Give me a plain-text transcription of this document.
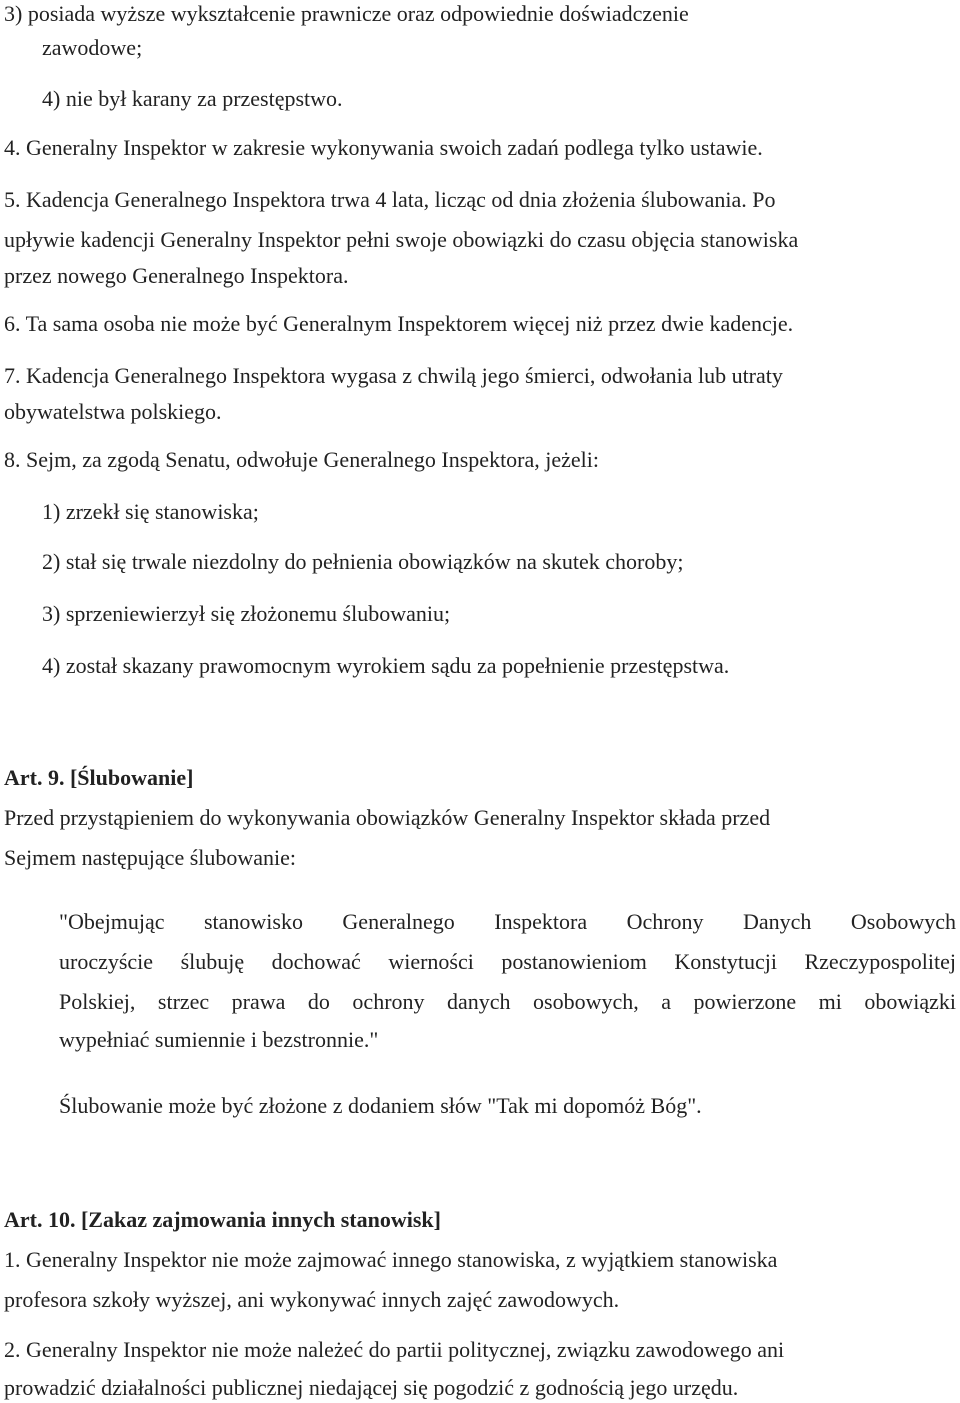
3) posiada wyższe wykształcenie prawnicze oraz odpowiednie doświadczenie

zawodowe;

4) nie był karany za przestępstwo.

4. Generalny Inspektor w zakresie wykonywania swoich zadań podlega tylko ustawie.

5. Kadencja Generalnego Inspektora trwa 4 lata, licząc od dnia złożenia ślubowania. Po

upływie kadencji Generalny Inspektor pełni swoje obowiązki do czasu objęcia stanowiska

przez nowego Generalnego Inspektora.

6. Ta sama osoba nie może być Generalnym Inspektorem więcej niż przez dwie kadencje.

7. Kadencja Generalnego Inspektora wygasa z chwilą jego śmierci, odwołania lub utraty

obywatelstwa polskiego.

8. Sejm, za zgodą Senatu, odwołuje Generalnego Inspektora, jeżeli:

1) zrzekł się stanowiska;

2) stał się trwale niezdolny do pełnienia obowiązków na skutek choroby;

3) sprzeniewierzył się złożonemu ślubowaniu;

4) został skazany prawomocnym wyrokiem sądu za popełnienie przestępstwa.

Art. 9. [Ślubowanie]

Przed przystąpieniem do wykonywania obowiązków Generalny Inspektor składa przed

Sejmem następujące ślubowanie:

"Obejmując stanowisko Generalnego Inspektora Ochrony Danych Osobowych

uroczyście ślubuję dochować wierności postanowieniom Konstytucji Rzeczypospolitej

Polskiej, strzec prawa do ochrony danych osobowych, a powierzone mi obowiązki

wypełniać sumiennie i bezstronnie."

Ślubowanie może być złożone z dodaniem słów "Tak mi dopomóż Bóg".

Art. 10. [Zakaz zajmowania innych stanowisk]

1. Generalny Inspektor nie może zajmować innego stanowiska, z wyjątkiem stanowiska

profesora szkoły wyższej, ani wykonywać innych zajęć zawodowych.

2. Generalny Inspektor nie może należeć do partii politycznej, związku zawodowego ani

prowadzić działalności publicznej niedającej się pogodzić z godnością jego urzędu.
